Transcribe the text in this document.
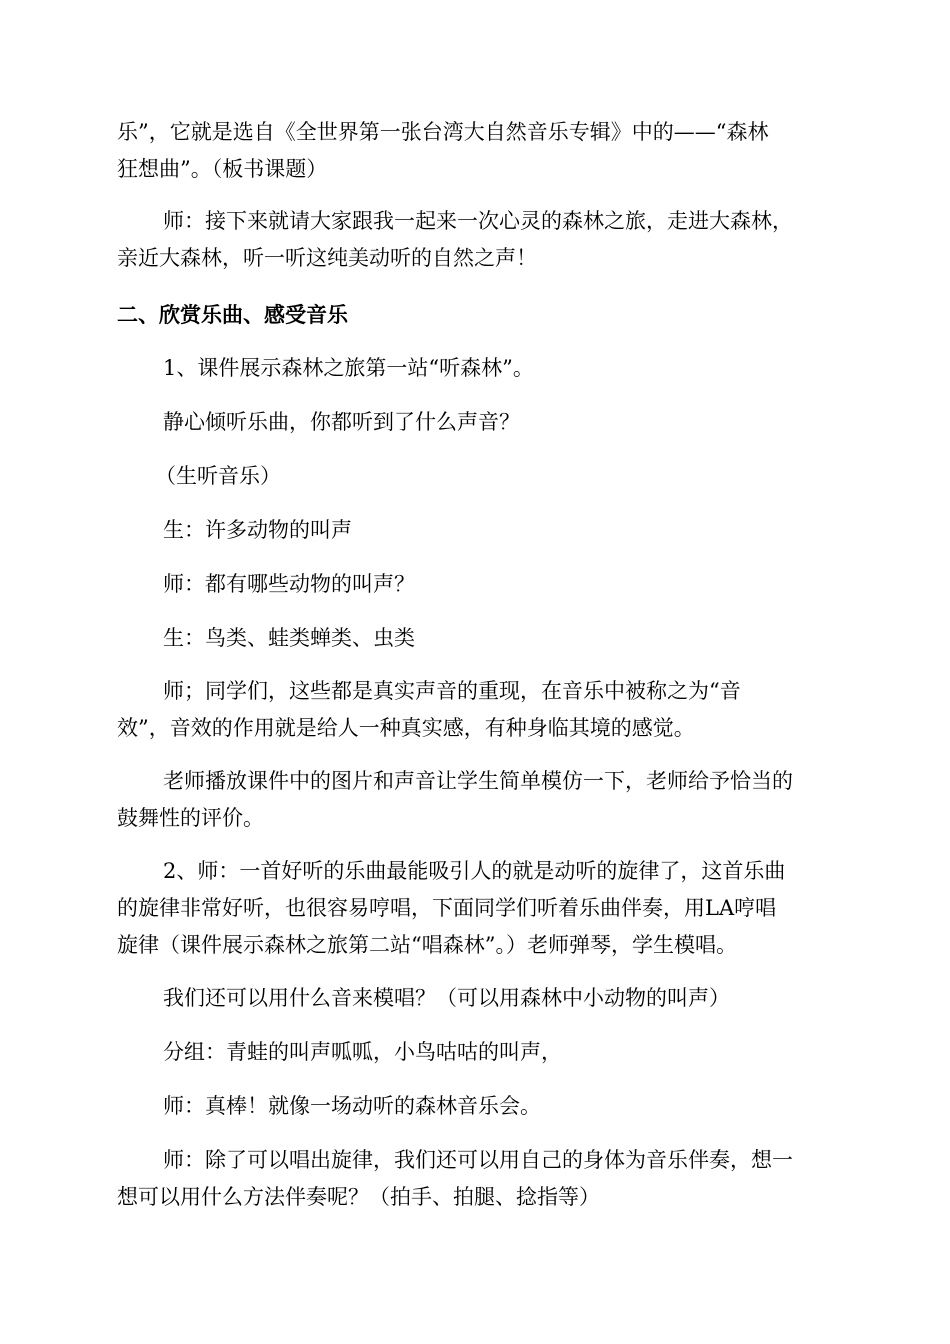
乐”，它就是选自《全世界第一张台湾大自然音乐专辑》中的——“森林
狂想曲”。（板书课题）
师：接下来就请大家跟我一起来一次心灵的森林之旅，走进大森林，
亲近大森林，听一听这纯美动听的自然之声！
二、欣赏乐曲、感受音乐
1、课件展示森林之旅第一站“听森林”。
静心倾听乐曲，你都听到了什么声音？
（生听音乐）
生：许多动物的叫声
师：都有哪些动物的叫声？
生：鸟类、蛙类蝉类、虫类
师；同学们，这些都是真实声音的重现，在音乐中被称之为“音
效”，音效的作用就是给人一种真实感，有种身临其境的感觉。
老师播放课件中的图片和声音让学生简单模仿一下，老师给予恰当的
鼓舞性的评价。
2、师：一首好听的乐曲最能吸引人的就是动听的旋律了，这首乐曲
的旋律非常好听，也很容易哼唱，下面同学们听着乐曲伴奏，用LA哼唱
旋律（课件展示森林之旅第二站“唱森林”。）老师弹琴，学生模唱。
我们还可以用什么音来模唱？（可以用森林中小动物的叫声）
分组：青蛙的叫声呱呱，小鸟咕咕的叫声，
师：真棒！就像一场动听的森林音乐会。
师：除了可以唱出旋律，我们还可以用自己的身体为音乐伴奏，想一
想可以用什么方法伴奏呢？（拍手、拍腿、捻指等）
